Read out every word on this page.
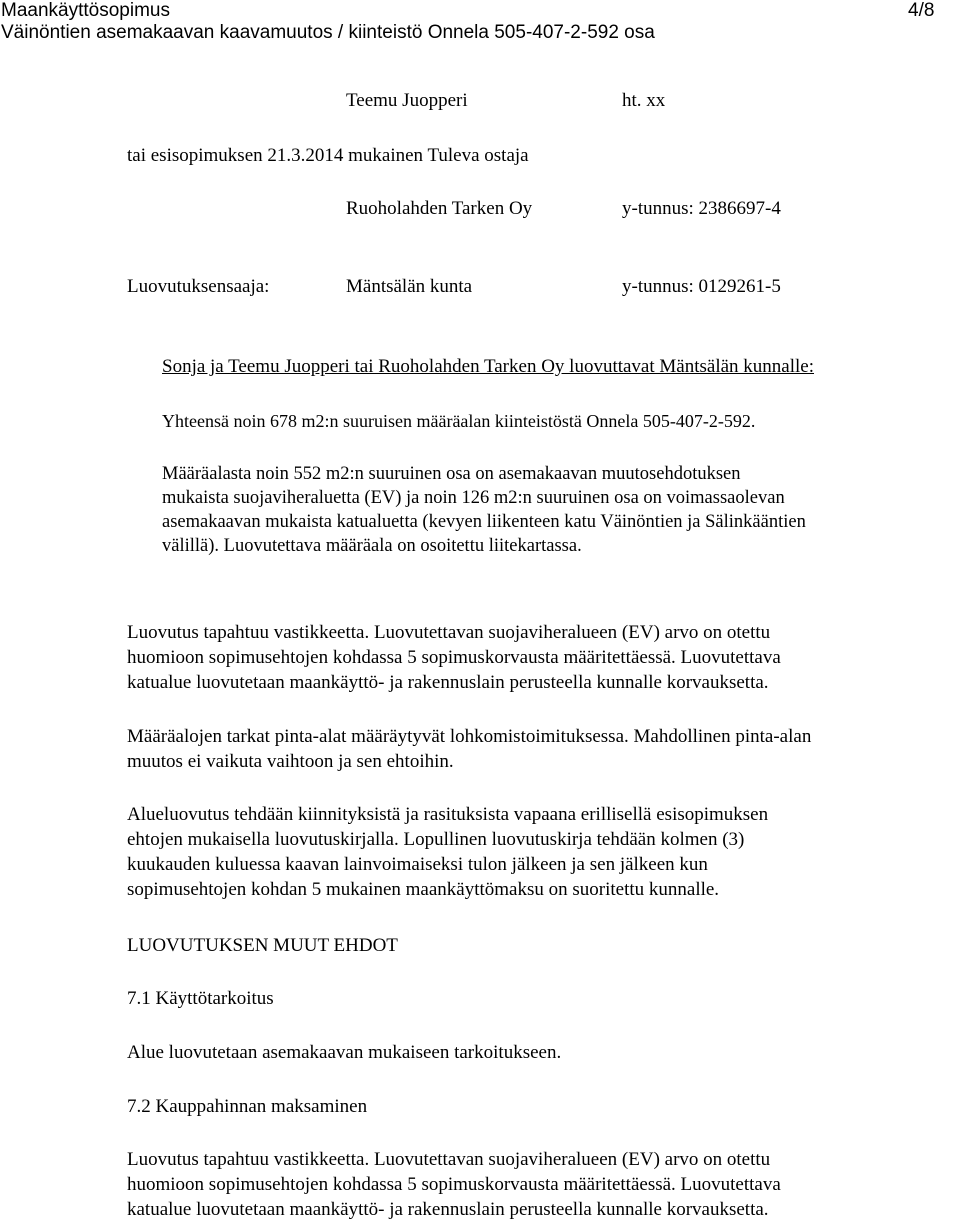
Maankäyttösopimus	4/8
Väinöntien asemakaavan kaavamuutos / kiinteistö Onnela 505-407-2-592 osa
Teemu Juopperi	ht. xx
tai esisopimuksen 21.3.2014 mukainen Tuleva ostaja
Ruoholahden Tarken Oy	y-tunnus: 2386697-4
Luovutuksensaaja:	Mäntsälän kunta	y-tunnus: 0129261-5
Sonja ja Teemu Juopperi tai Ruoholahden Tarken Oy luovuttavat Mäntsälän kunnalle:
Yhteensä noin 678 m2:n suuruisen määräalan kiinteistöstä Onnela 505-407-2-592.

Määräalasta noin 552 m2:n suuruinen osa on asemakaavan muutosehdotuksen

mukaista suojaviheraluetta (EV) ja noin 126 m2:n suuruinen osa on voimassaolevan

asemakaavan mukaista katualuetta (kevyen liikenteen katu Väinöntien ja Sälinkääntien

välillä). Luovutettava määräala on osoitettu liitekartassa.

Luovutus tapahtuu vastikkeetta. Luovutettavan suojaviheralueen (EV) arvo on otettu

huomioon sopimusehtojen kohdassa 5 sopimuskorvausta määritettäessä. Luovutettava

katualue luovutetaan maankäyttö- ja rakennuslain perusteella kunnalle korvauksetta.

Määräalojen tarkat pinta-alat määräytyvät lohkomistoimituksessa. Mahdollinen pinta-alan

muutos ei vaikuta vaihtoon ja sen ehtoihin.

Alueluovutus tehdään kiinnityksistä ja rasituksista vapaana erillisellä esisopimuksen

ehtojen mukaisella luovutuskirjalla. Lopullinen luovutuskirja tehdään kolmen (3)

kuukauden kuluessa kaavan lainvoimaiseksi tulon jälkeen ja sen jälkeen kun

sopimusehtojen kohdan 5 mukainen maankäyttömaksu on suoritettu kunnalle.

LUOVUTUKSEN MUUT EHDOT
7.1 Käyttötarkoitus
Alue luovutetaan asemakaavan mukaiseen tarkoitukseen.
7.2 Kauppahinnan maksaminen

Luovutus tapahtuu vastikkeetta. Luovutettavan suojaviheralueen (EV) arvo on otettu

huomioon sopimusehtojen kohdassa 5 sopimuskorvausta määritettäessä. Luovutettava

katualue luovutetaan maankäyttö- ja rakennuslain perusteella kunnalle korvauksetta.
